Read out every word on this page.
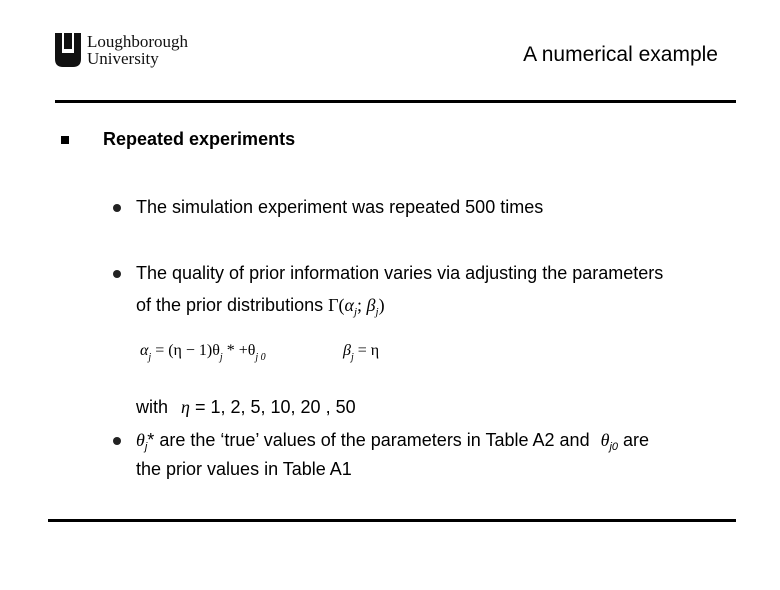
Loughborough
University	A numerical example
Repeated experiments
The simulation experiment was repeated 500 times
The quality of prior information varies via adjusting the parameters
of the prior distributions $\Gamma(\alpha_j$; $\beta_j$)
$\alpha_j = (\eta - 1)\theta_j * +\theta_{j 0}$	$\beta_j = \eta$
with η = 1, 2, 5, 10, 20 , 50
$\theta_j*$ are the ‘true’ values of the parameters in Table A2 and $\theta_{j0}$ are
the prior values in Table A1
